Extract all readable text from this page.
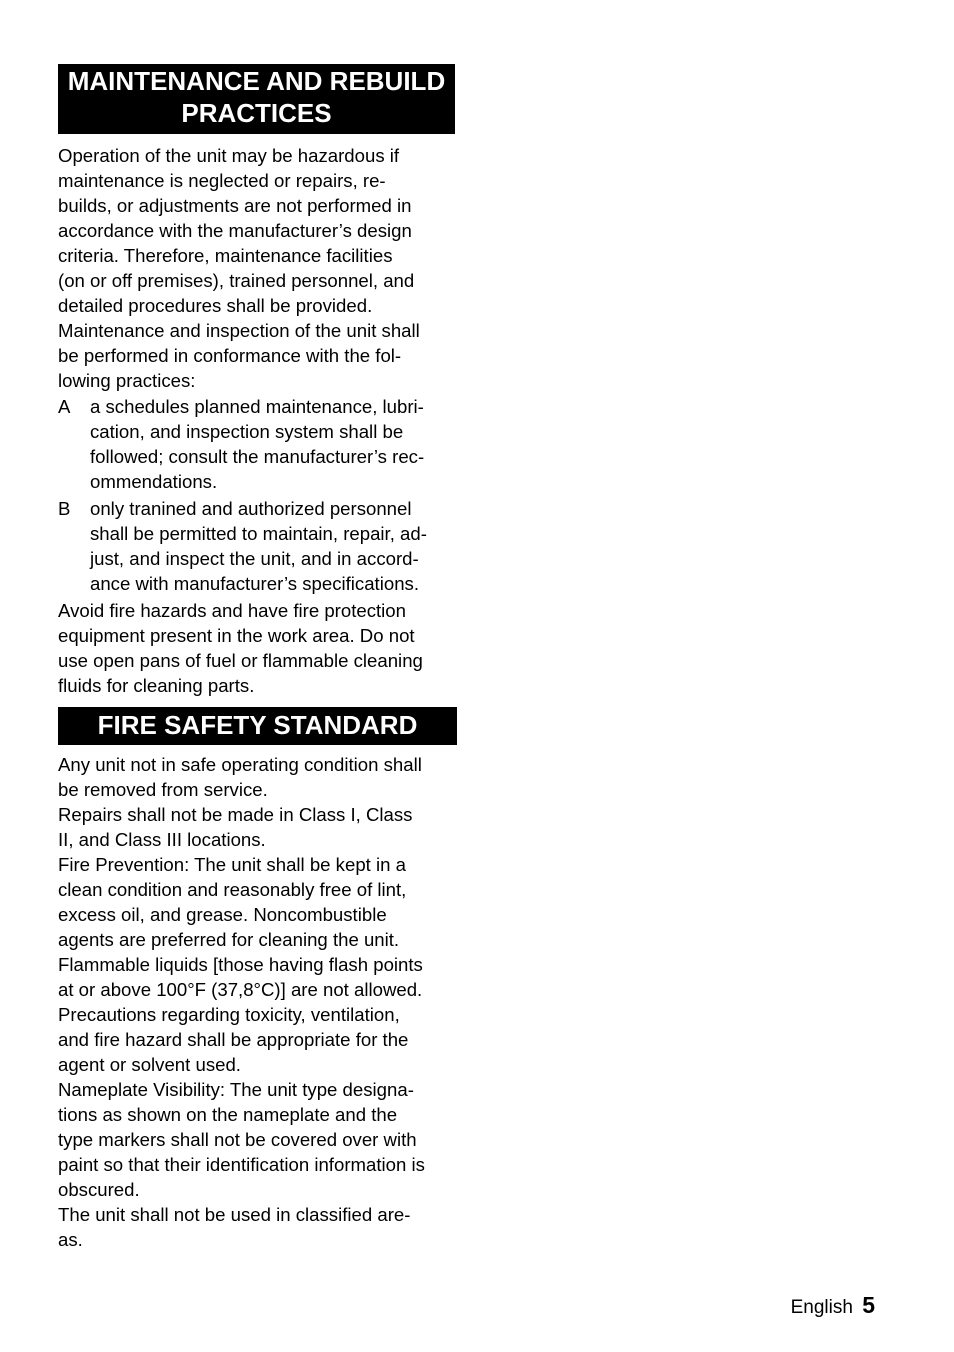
MAINTENANCE AND REBUILD
PRACTICES
Operation of the unit may be hazardous if
maintenance is neglected or repairs, re-
builds, or adjustments are not performed in
accordance with the manufacturer’s design
criteria. Therefore, maintenance facilities
(on or off premises), trained personnel, and
detailed procedures shall be provided.
Maintenance and inspection of the unit shall
be performed in conformance with the fol-
lowing practices:
A	a schedules planned maintenance, lubri-
cation, and inspection system shall be
followed; consult the manufacturer’s rec-
ommendations.
B	only tranined and authorized personnel
shall be permitted to maintain, repair, ad-
just, and inspect the unit, and in accord-
ance with manufacturer’s specifications.
Avoid fire hazards and have fire protection
equipment present in the work area. Do not
use open pans of fuel or flammable cleaning
fluids for cleaning parts.
FIRE SAFETY STANDARD
Any unit not in safe operating condition shall
be removed from service.
Repairs shall not be made in Class I, Class
II, and Class III locations.
Fire Prevention: The unit shall be kept in a
clean condition and reasonably free of lint,
excess oil, and grease. Noncombustible
agents are preferred for cleaning the unit.
Flammable liquids [those having flash points
at or above 100°F (37,8°C)] are not allowed.
Precautions regarding toxicity, ventilation,
and fire hazard shall be appropriate for the
agent or solvent used.
Nameplate Visibility: The unit type designa-
tions as shown on the nameplate and the
type markers shall not be covered over with
paint so that their identification information is
obscured.
The unit shall not be used in classified are-
as.
English 5
